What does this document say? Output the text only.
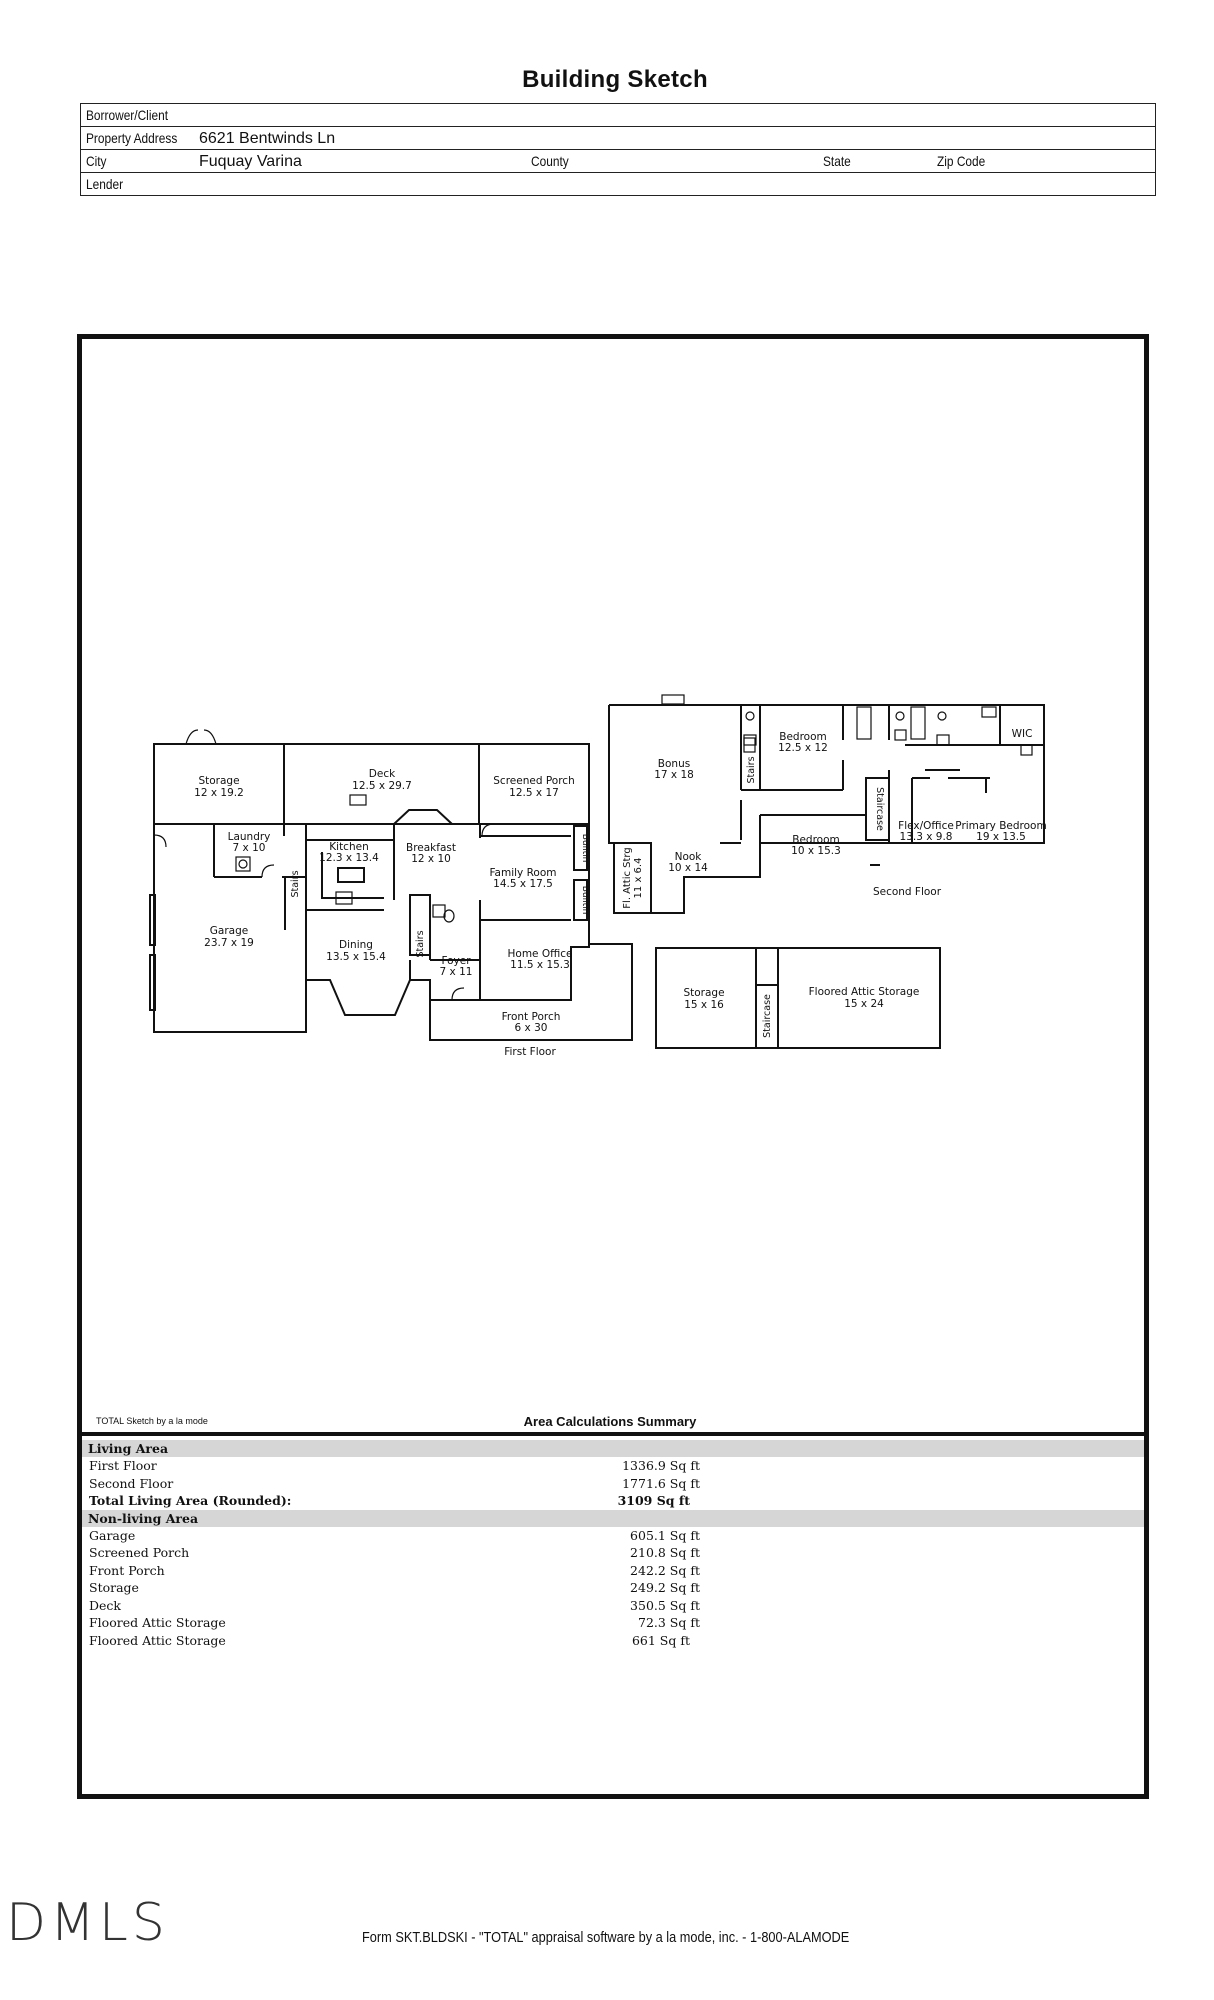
Building Sketch
Borrower/Client
Property Address 6621 Bentwinds Ln
City	Fuquay Varina	County	State	Zip Code
Lender
Storage
12 x 19.2
Deck
12.5 x 29.7	Screened Porch
12.5 x 17
Laundry
7 x 10	Kitchen
12.3 x 13.4
Breakfast
12 x 10
Family Room
14.5 x 17.5
Garage
23.7 x 19	Dining
13.5 x 15.4	Foyer
7 x 11
Home Office
11.5 x 15.3
Front Porch
6 x 30
First Floor
Bonus
17 x 18
Bedroom
12.5 x 12
WIC
Flex/Office
13.3 x 9.8
Primary Bedroom
19 x 13.5
Bedroom
10 x 15.3
Nook
10 x 14
Second Floor
Storage
15 x 16
Floored Attic Storage
15 x 24
Fl. Attic Strg 11 x 6.4
Stairs
Stairs
Stairs
Builtin
Builtin
Staircase
Staircase
TOTAL Sketch by a la mode	Area Calculations Summary
Living Area
First Floor	1336.9 Sq ft
Second Floor	1771.6 Sq ft
Total Living Area (Rounded):	3109 Sq ft
Non-living Area
Garage	605.1 Sq ft
Screened Porch	210.8 Sq ft
Front Porch	242.2 Sq ft
Storage	249.2 Sq ft
Deck	350.5 Sq ft
Floored Attic Storage	72.3 Sq ft
Floored Attic Storage	661 Sq ft
DMLS	Form SKT.BLDSKI - "TOTAL" appraisal software by a la mode, inc. - 1-800-ALAMODE
